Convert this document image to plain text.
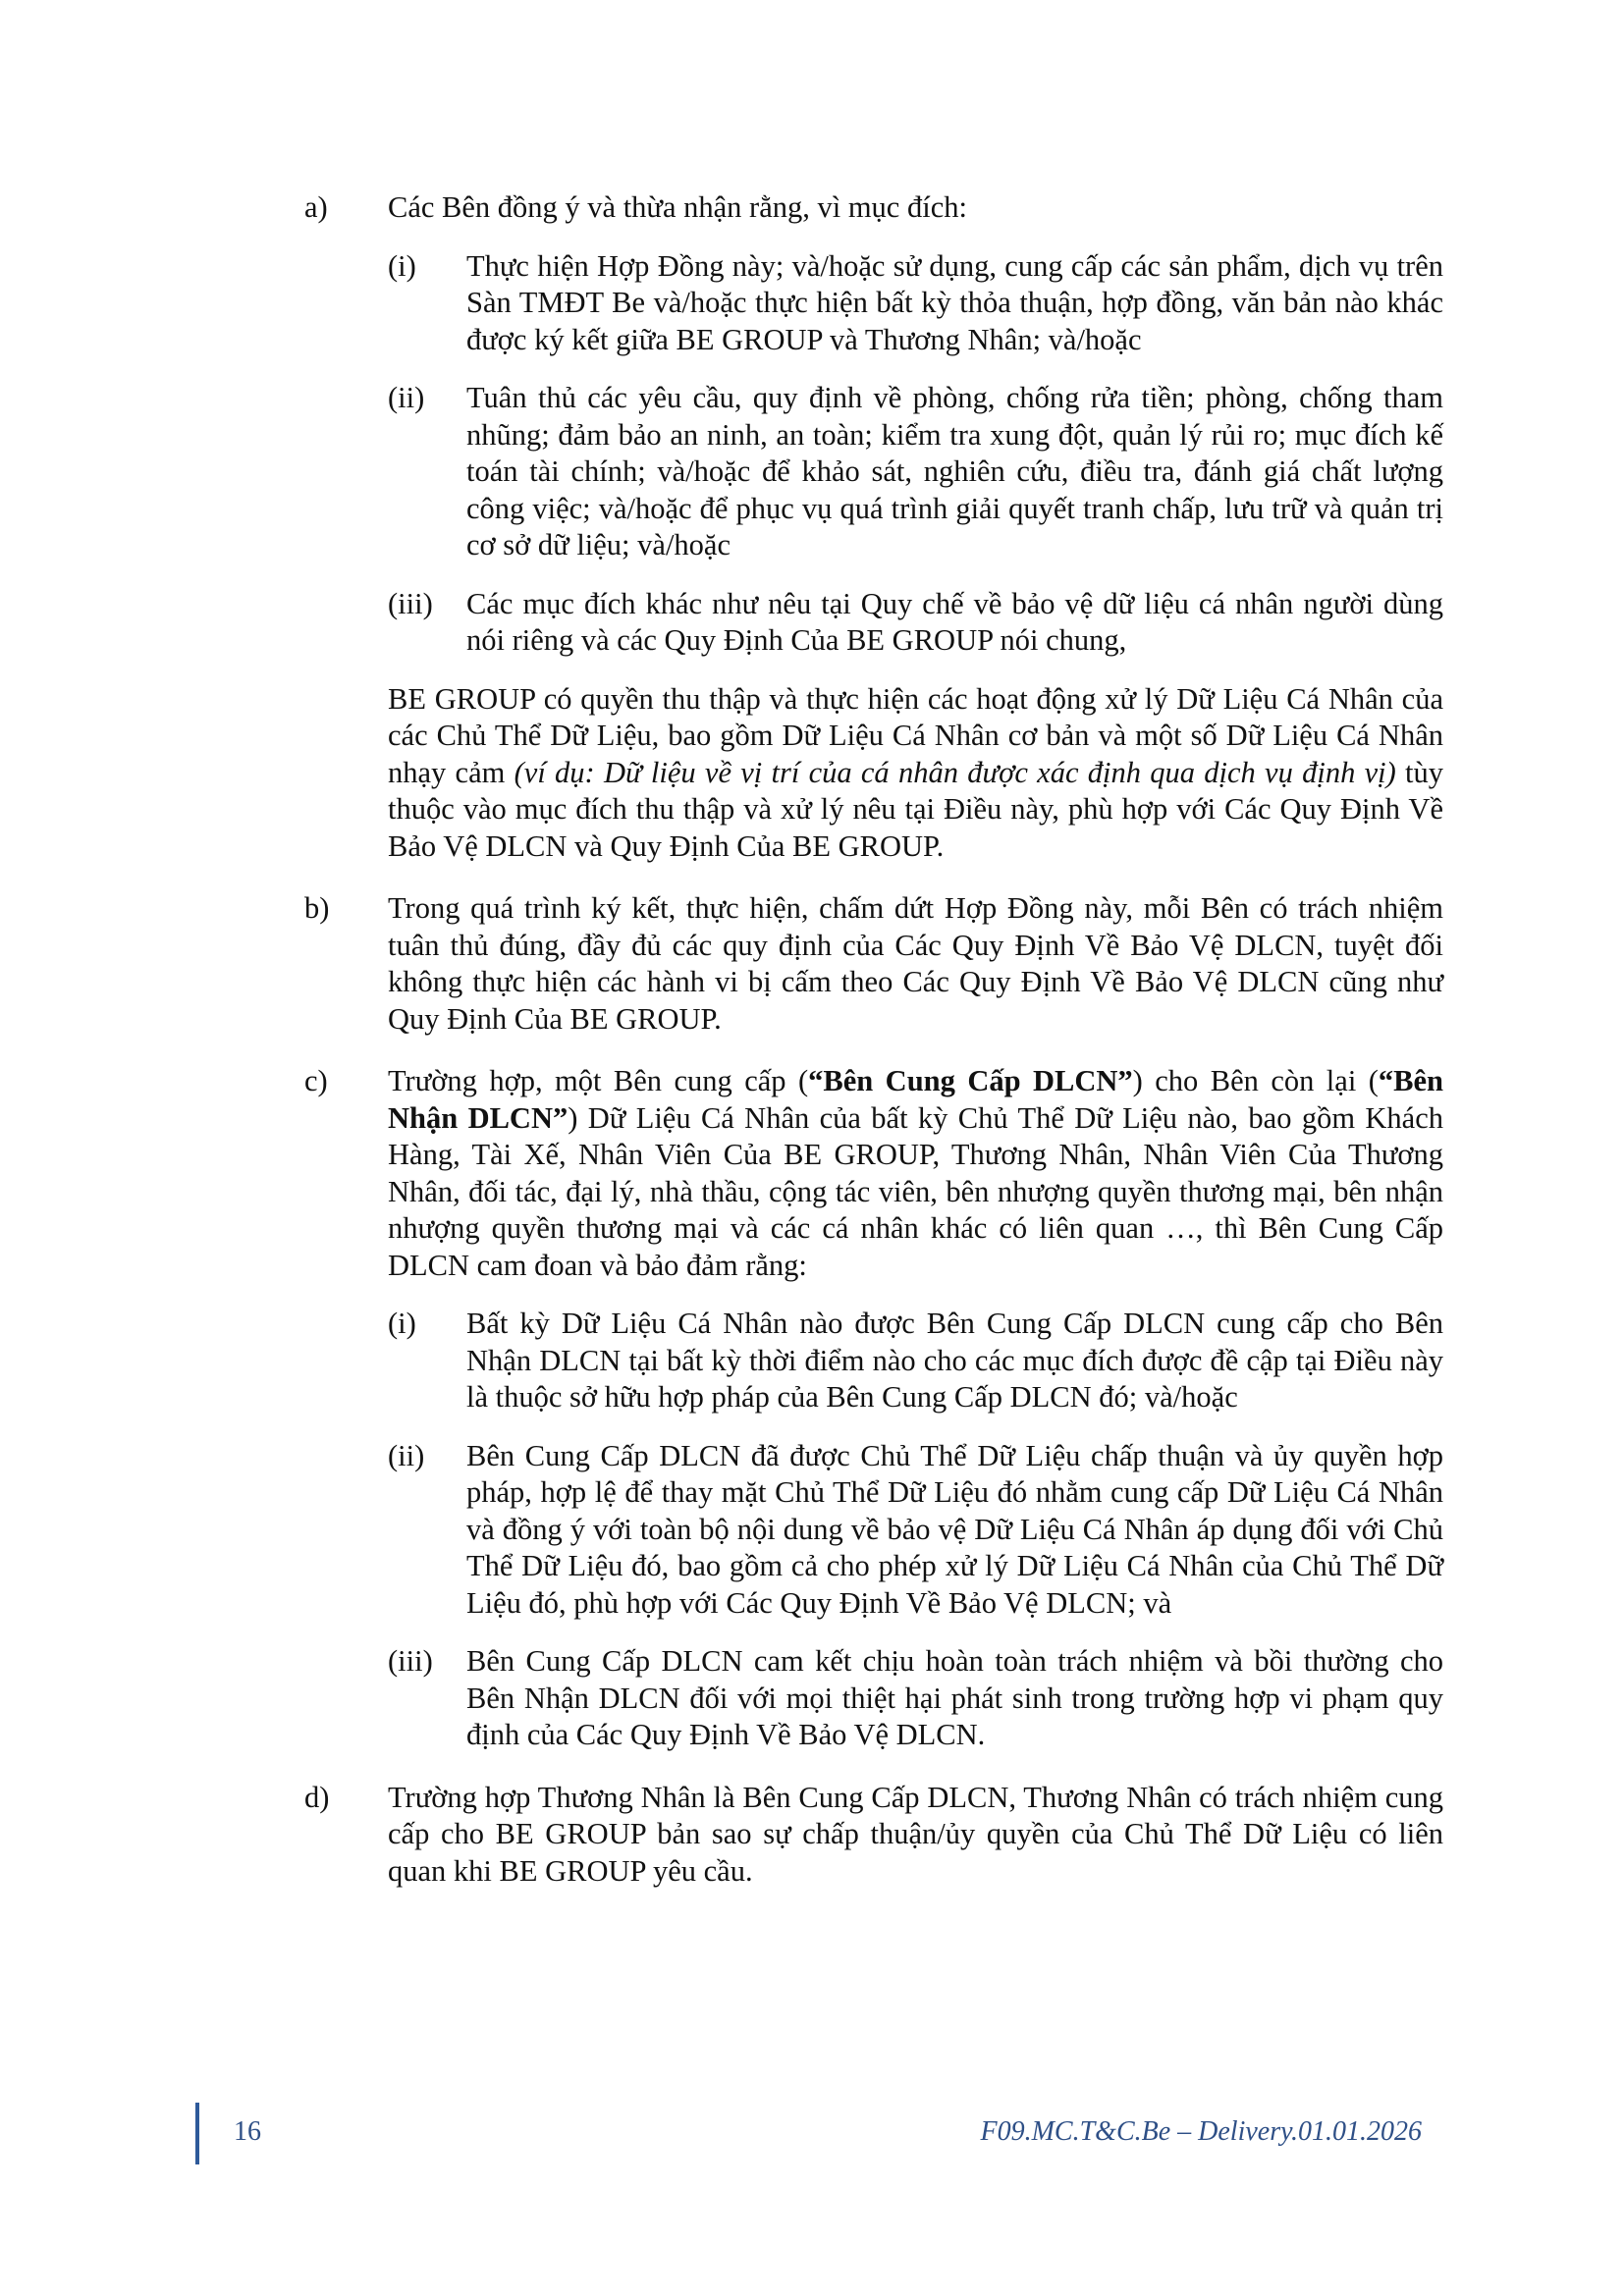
a) Các Bên đồng ý và thừa nhận rằng, vì mục đích:
(i) Thực hiện Hợp Đồng này; và/hoặc sử dụng, cung cấp các sản phẩm, dịch vụ trên Sàn TMĐT Be và/hoặc thực hiện bất kỳ thỏa thuận, hợp đồng, văn bản nào khác được ký kết giữa BE GROUP và Thương Nhân; và/hoặc
(ii) Tuân thủ các yêu cầu, quy định về phòng, chống rửa tiền; phòng, chống tham nhũng; đảm bảo an ninh, an toàn; kiểm tra xung đột, quản lý rủi ro; mục đích kế toán tài chính; và/hoặc để khảo sát, nghiên cứu, điều tra, đánh giá chất lượng công việc; và/hoặc để phục vụ quá trình giải quyết tranh chấp, lưu trữ và quản trị cơ sở dữ liệu; và/hoặc
(iii) Các mục đích khác như nêu tại Quy chế về bảo vệ dữ liệu cá nhân người dùng nói riêng và các Quy Định Của BE GROUP nói chung,
BE GROUP có quyền thu thập và thực hiện các hoạt động xử lý Dữ Liệu Cá Nhân của các Chủ Thể Dữ Liệu, bao gồm Dữ Liệu Cá Nhân cơ bản và một số Dữ Liệu Cá Nhân nhạy cảm (ví dụ: Dữ liệu về vị trí của cá nhân được xác định qua dịch vụ định vị) tùy thuộc vào mục đích thu thập và xử lý nêu tại Điều này, phù hợp với Các Quy Định Về Bảo Vệ DLCN và Quy Định Của BE GROUP.
b) Trong quá trình ký kết, thực hiện, chấm dứt Hợp Đồng này, mỗi Bên có trách nhiệm tuân thủ đúng, đầy đủ các quy định của Các Quy Định Về Bảo Vệ DLCN, tuyệt đối không thực hiện các hành vi bị cấm theo Các Quy Định Về Bảo Vệ DLCN cũng như Quy Định Của BE GROUP.
c) Trường hợp, một Bên cung cấp (“Bên Cung Cấp DLCN”) cho Bên còn lại (“Bên Nhận DLCN”) Dữ Liệu Cá Nhân của bất kỳ Chủ Thể Dữ Liệu nào, bao gồm Khách Hàng, Tài Xế, Nhân Viên Của BE GROUP, Thương Nhân, Nhân Viên Của Thương Nhân, đối tác, đại lý, nhà thầu, cộng tác viên, bên nhượng quyền thương mại, bên nhận nhượng quyền thương mại và các cá nhân khác có liên quan …, thì Bên Cung Cấp DLCN cam đoan và bảo đảm rằng:
(i) Bất kỳ Dữ Liệu Cá Nhân nào được Bên Cung Cấp DLCN cung cấp cho Bên Nhận DLCN tại bất kỳ thời điểm nào cho các mục đích được đề cập tại Điều này là thuộc sở hữu hợp pháp của Bên Cung Cấp DLCN đó; và/hoặc
(ii) Bên Cung Cấp DLCN đã được Chủ Thể Dữ Liệu chấp thuận và ủy quyền hợp pháp, hợp lệ để thay mặt Chủ Thể Dữ Liệu đó nhằm cung cấp Dữ Liệu Cá Nhân và đồng ý với toàn bộ nội dung về bảo vệ Dữ Liệu Cá Nhân áp dụng đối với Chủ Thể Dữ Liệu đó, bao gồm cả cho phép xử lý Dữ Liệu Cá Nhân của Chủ Thể Dữ Liệu đó, phù hợp với Các Quy Định Về Bảo Vệ DLCN; và
(iii) Bên Cung Cấp DLCN cam kết chịu hoàn toàn trách nhiệm và bồi thường cho Bên Nhận DLCN đối với mọi thiệt hại phát sinh trong trường hợp vi phạm quy định của Các Quy Định Về Bảo Vệ DLCN.
d) Trường hợp Thương Nhân là Bên Cung Cấp DLCN, Thương Nhân có trách nhiệm cung cấp cho BE GROUP bản sao sự chấp thuận/ủy quyền của Chủ Thể Dữ Liệu có liên quan khi BE GROUP yêu cầu.
16	F09.MC.T&C.Be – Delivery.01.01.2026
